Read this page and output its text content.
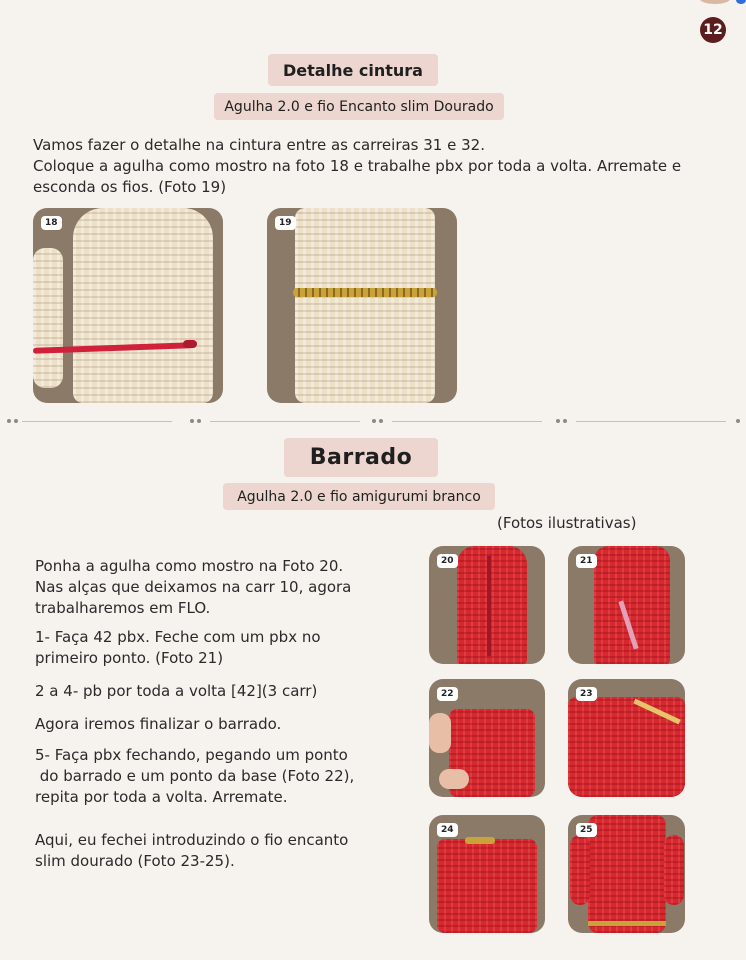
12
Detalhe cintura
Agulha 2.0 e fio Encanto slim Dourado
Vamos fazer o detalhe na cintura entre as carreiras 31 e 32.
Coloque a agulha como mostro na foto 18 e trabalhe pbx por toda a volta. Arremate e
esconda os fios. (Foto 19)
18	19
Barrado
Agulha 2.0 e fio amigurumi branco
(Fotos ilustrativas)
Ponha a agulha como mostro na Foto 20.
Nas alças que deixamos na carr 10, agora
trabalharemos em FLO.
1- Faça 42 pbx. Feche com um pbx no
primeiro ponto. (Foto 21)
2 a 4- pb por toda a volta [42](3 carr)
Agora iremos finalizar o barrado.
5- Faça pbx fechando, pegando um ponto
do barrado e um ponto da base (Foto 22),
repita por toda a volta. Arremate.
Aqui, eu fechei introduzindo o fio encanto
slim dourado (Foto 23-25).
20	21
22	23
24	25
